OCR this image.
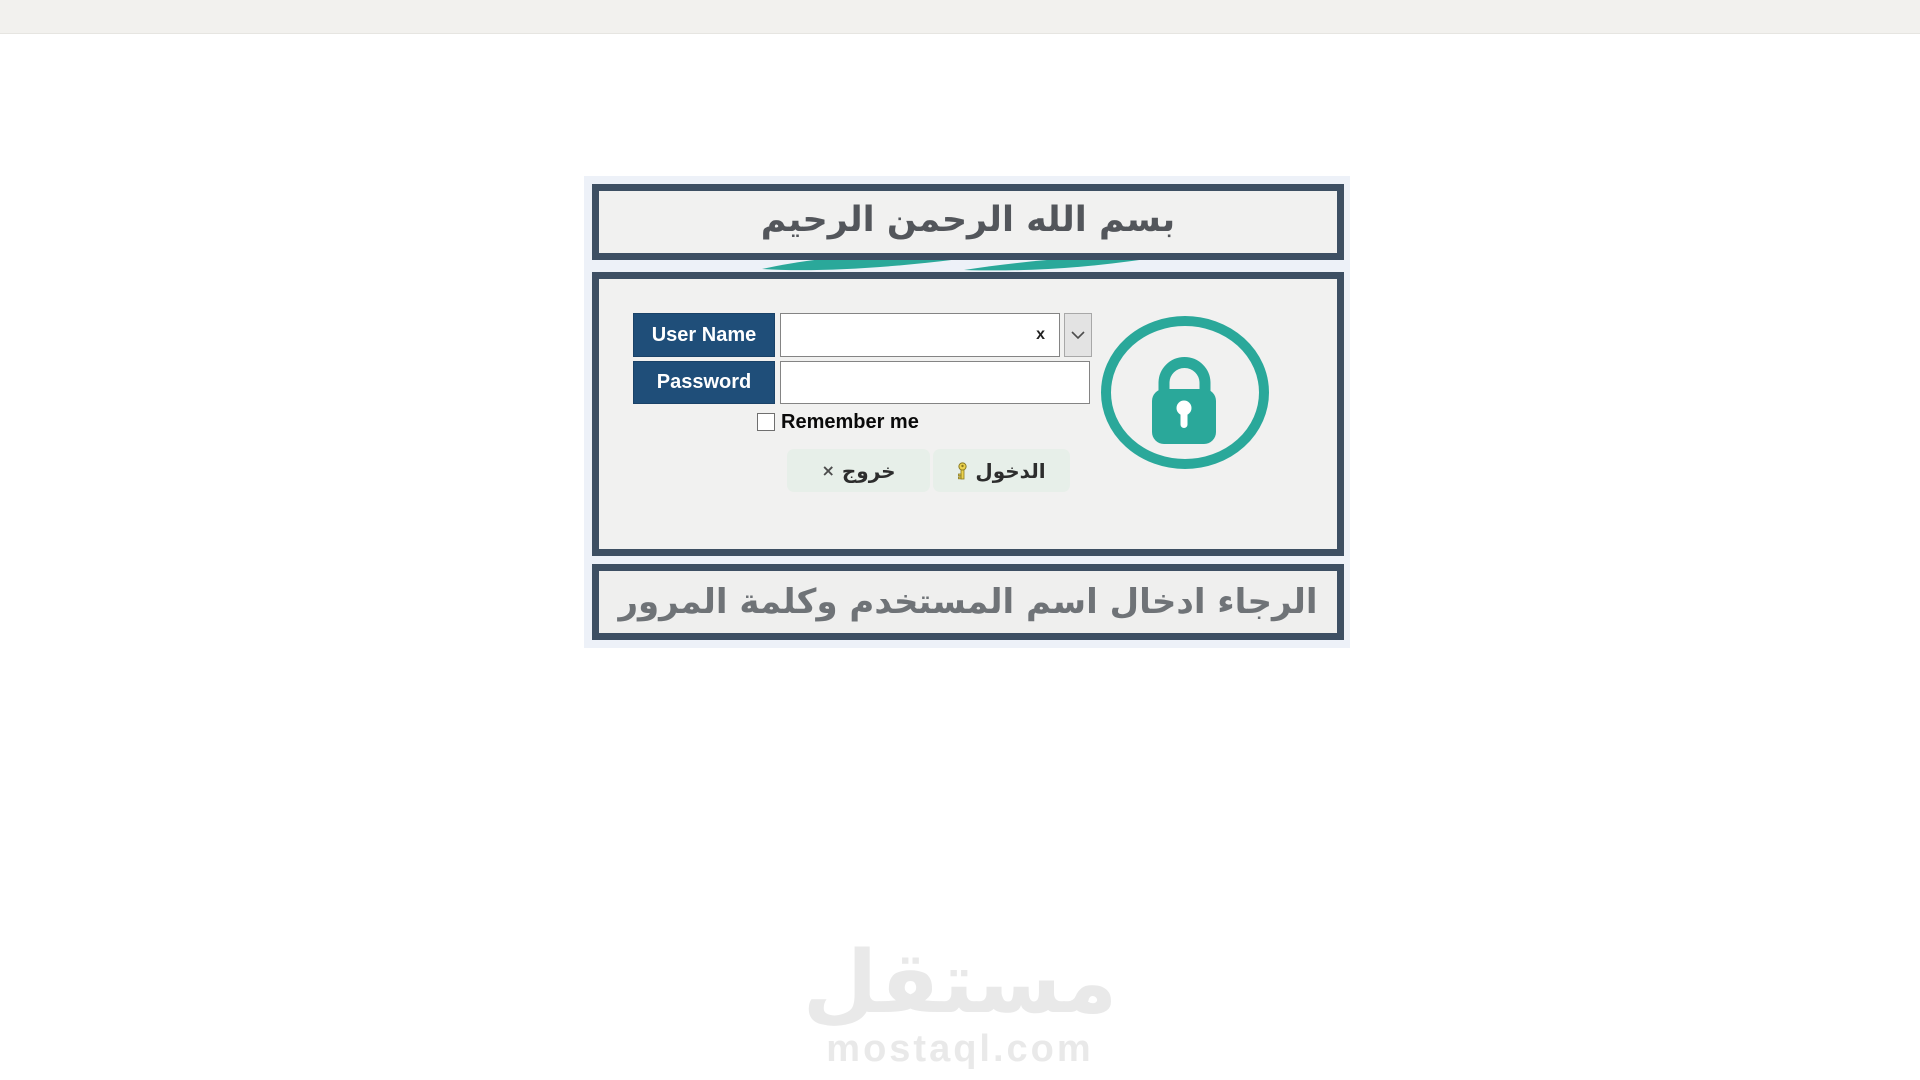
بسم الله الرحمن الرحيم
User Name
x
Password
Remember me
× خروج	الدخول
الرجاء ادخال اسم المستخدم وكلمة المرور
مستقل
mostaql.com
